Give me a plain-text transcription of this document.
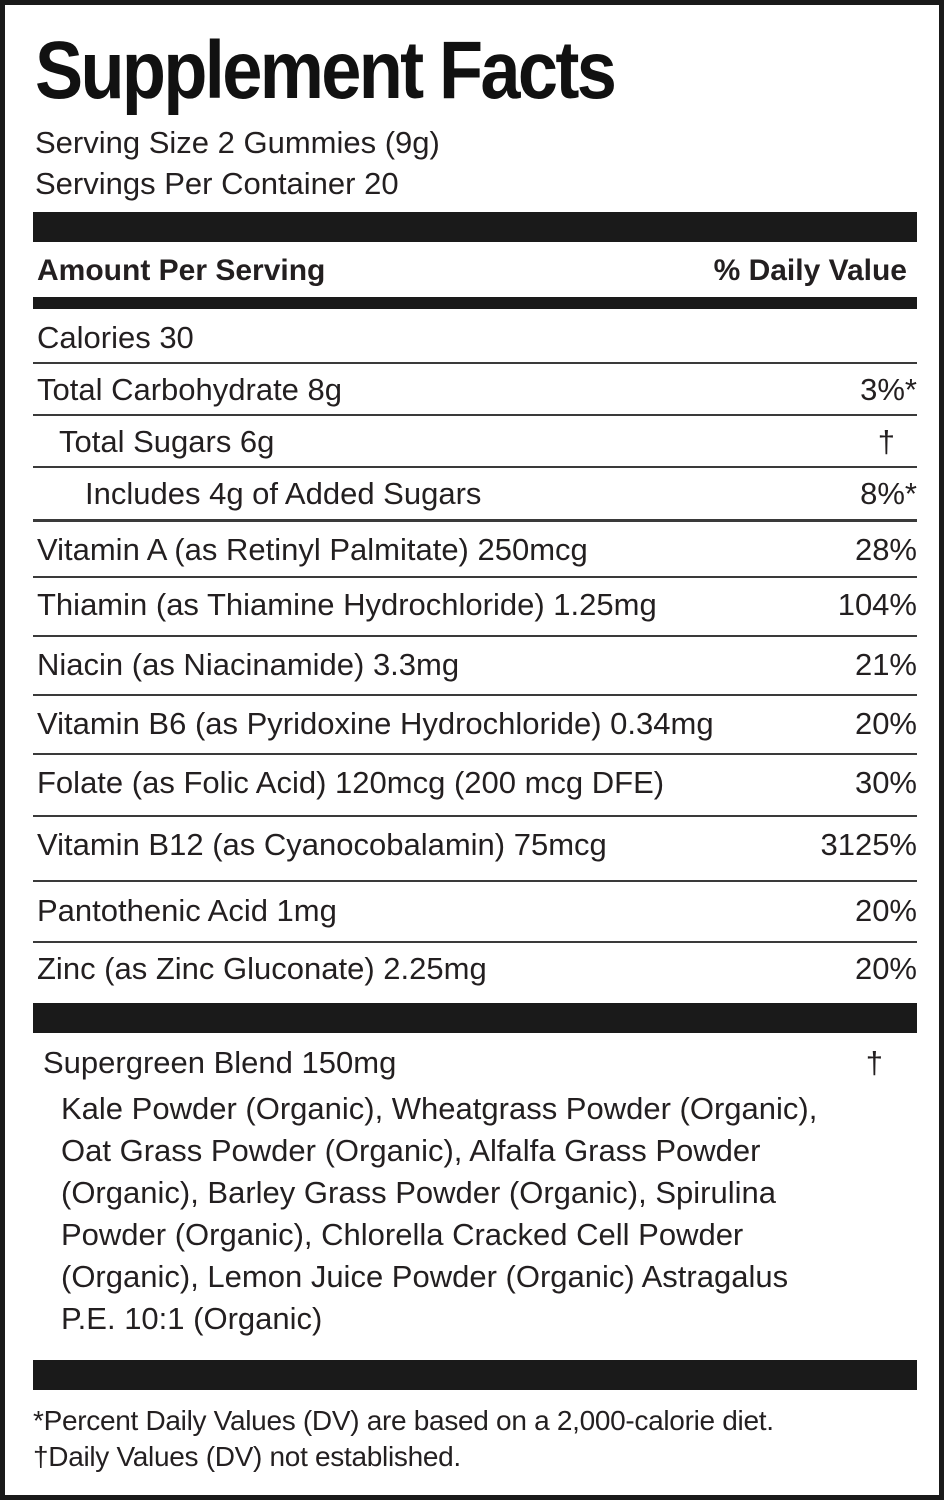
Supplement Facts
Serving Size 2 Gummies (9g)
Servings Per Container 20
Amount Per Serving	% Daily Value
Calories 30
Total Carbohydrate 8g	3%*
Total Sugars 6g	†
Includes 4g of Added Sugars	8%*
Vitamin A (as Retinyl Palmitate) 250mcg	28%
Thiamin (as Thiamine Hydrochloride) 1.25mg	104%
Niacin (as Niacinamide) 3.3mg	21%
Vitamin B6 (as Pyridoxine Hydrochloride) 0.34mg	20%
Folate (as Folic Acid) 120mcg (200 mcg DFE)	30%
Vitamin B12 (as Cyanocobalamin) 75mcg	3125%
Pantothenic Acid 1mg	20%
Zinc (as Zinc Gluconate) 2.25mg	20%
Supergreen Blend 150mg	†
Kale Powder (Organic), Wheatgrass Powder (Organic), Oat Grass Powder (Organic), Alfalfa Grass Powder (Organic), Barley Grass Powder (Organic), Spirulina Powder (Organic), Chlorella Cracked Cell Powder (Organic), Lemon Juice Powder (Organic) Astragalus P.E. 10:1 (Organic)
*Percent Daily Values (DV) are based on a 2,000-calorie diet.
†Daily Values (DV) not established.
